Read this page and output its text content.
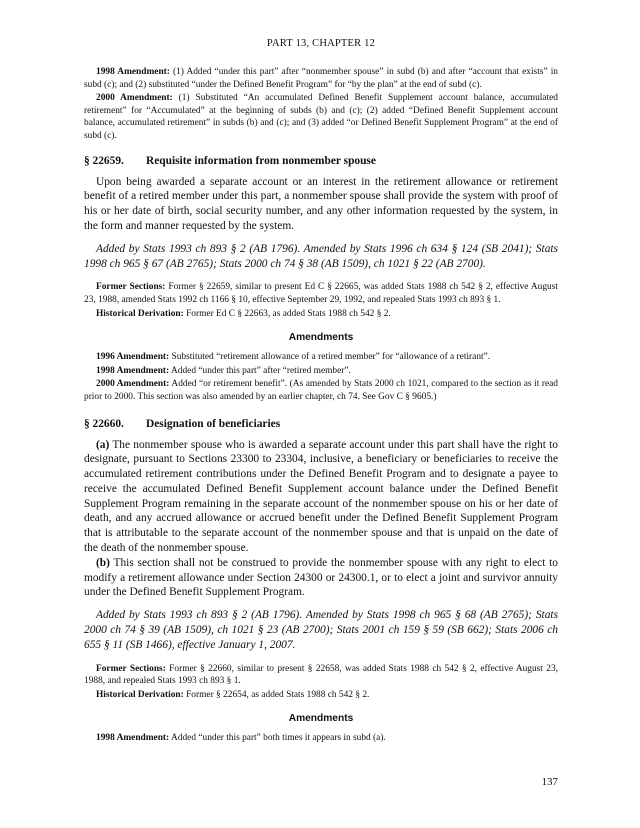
PART 13, CHAPTER 12

1998 Amendment: (1) Added “under this part” after “nonmember spouse” in subd (b) and after “account that exists” in subd (c); and (2) substituted “under the Defined Benefit Program” for “by the plan” at the end of subd (c).

2000 Amendment: (1) Substituted “An accumulated Defined Benefit Supplement account balance, accumulated retirement” for “Accumulated” at the beginning of subds (b) and (c); (2) added “Defined Benefit Supplement account balance, accumulated retirement” in subds (b) and (c); and (3) added “or Defined Benefit Supplement Program” at the end of subd (c).

§ 22659.	Requisite information from nonmember spouse

Upon being awarded a separate account or an interest in the retirement allowance or retirement benefit of a retired member under this part, a nonmember spouse shall provide the system with proof of his or her date of birth, social security number, and any other information requested by the system, in the form and manner requested by the system.

Added by Stats 1993 ch 893 § 2 (AB 1796). Amended by Stats 1996 ch 634 § 124 (SB 2041); Stats 1998 ch 965 § 67 (AB 2765); Stats 2000 ch 74 § 38 (AB 1509), ch 1021 § 22 (AB 2700).

Former Sections: Former § 22659, similar to present Ed C § 22665, was added Stats 1988 ch 542 § 2, effective August 23, 1988, amended Stats 1992 ch 1166 § 10, effective September 29, 1992, and repealed Stats 1993 ch 893 § 1.

Historical Derivation: Former Ed C § 22663, as added Stats 1988 ch 542 § 2.

Amendments

1996 Amendment: Substituted “retirement allowance of a retired member” for “allowance of a retirant”.

1998 Amendment: Added “under this part” after “retired member”.

2000 Amendment: Added “or retirement benefit”. (As amended by Stats 2000 ch 1021, compared to the section as it read prior to 2000. This section was also amended by an earlier chapter, ch 74. See Gov C § 9605.)

§ 22660.	Designation of beneficiaries

(a) The nonmember spouse who is awarded a separate account under this part shall have the right to designate, pursuant to Sections 23300 to 23304, inclusive, a beneficiary or beneficiaries to receive the accumulated retirement contributions under the Defined Benefit Program and to designate a payee to receive the accumulated Defined Benefit Supplement account balance under the Defined Benefit Supplement Program remaining in the separate account of the nonmember spouse on his or her date of death, and any accrued allowance or accrued benefit under the Defined Benefit Supplement Program that is attributable to the separate account of the nonmember spouse and that is unpaid on the date of the death of the nonmember spouse.

(b) This section shall not be construed to provide the nonmember spouse with any right to elect to modify a retirement allowance under Section 24300 or 24300.1, or to elect a joint and survivor annuity under the Defined Benefit Supplement Program.

Added by Stats 1993 ch 893 § 2 (AB 1796). Amended by Stats 1998 ch 965 § 68 (AB 2765); Stats 2000 ch 74 § 39 (AB 1509), ch 1021 § 23 (AB 2700); Stats 2001 ch 159 § 59 (SB 662); Stats 2006 ch 655 § 11 (SB 1466), effective January 1, 2007.

Former Sections: Former § 22660, similar to present § 22658, was added Stats 1988 ch 542 § 2, effective August 23, 1988, and repealed Stats 1993 ch 893 § 1.

Historical Derivation: Former § 22654, as added Stats 1988 ch 542 § 2.

Amendments

1998 Amendment: Added “under this part” both times it appears in subd (a).

137
